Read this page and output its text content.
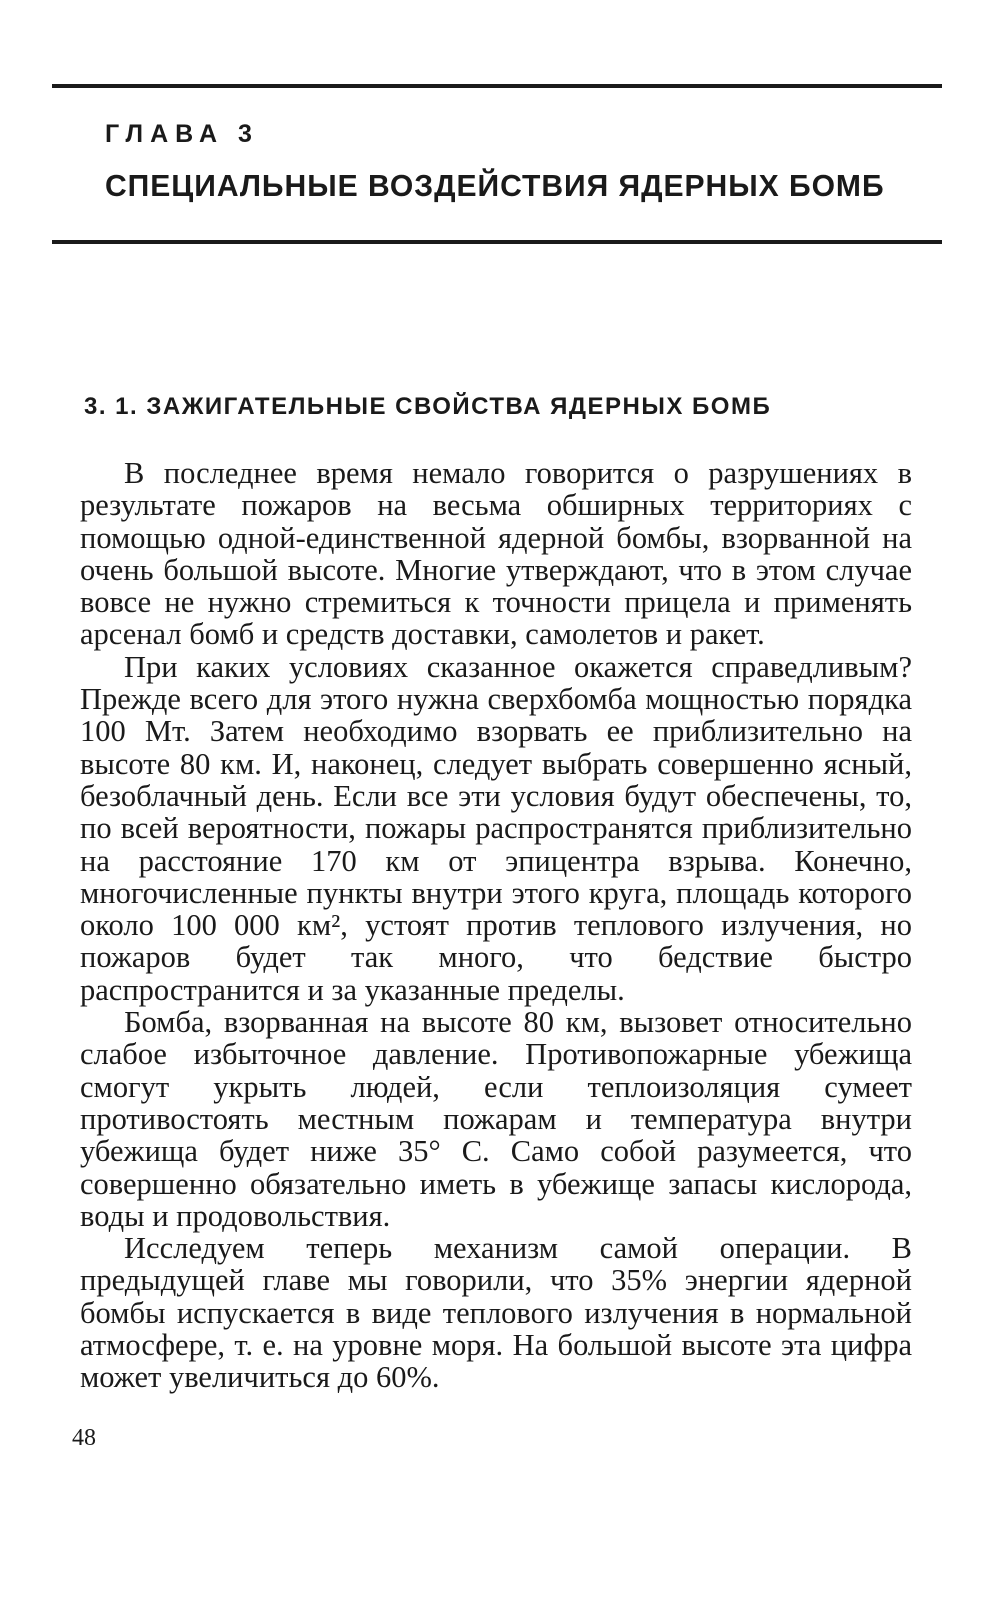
ГЛАВА 3
СПЕЦИАЛЬНЫЕ ВОЗДЕЙСТВИЯ ЯДЕРНЫХ БОМБ
3. 1. ЗАЖИГАТЕЛЬНЫЕ СВОЙСТВА ЯДЕРНЫХ БОМБ

В последнее время немало говорится о разрушениях в результате пожаров на весьма обширных территориях с помощью одной-единственной ядерной бомбы, взорванной на очень большой высоте. Многие утверждают, что в этом случае вовсе не нужно стремиться к точности прицела и применять арсенал бомб и средств доставки, самолетов и ракет.

При каких условиях сказанное окажется справедливым? Прежде всего для этого нужна сверхбомба мощностью порядка 100 Мт. Затем необходимо взорвать ее приблизительно на высоте 80 км. И, наконец, следует выбрать совершенно ясный, безоблачный день. Если все эти условия будут обеспечены, то, по всей вероятности, пожары распространятся приблизительно на расстояние 170 км от эпицентра взрыва. Конечно, многочисленные пункты внутри этого круга, площадь которого около 100 000 км², устоят против теплового излучения, но пожаров будет так много, что бедствие быстро распространится и за указанные пределы.

Бомба, взорванная на высоте 80 км, вызовет относительно слабое избыточное давление. Противопожарные убежища смогут укрыть людей, если теплоизоляция сумеет противостоять местным пожарам и температура внутри убежища будет ниже 35° С. Само собой разумеется, что совершенно обязательно иметь в убежище запасы кислорода, воды и продовольствия.

Исследуем теперь механизм самой операции. В предыдущей главе мы говорили, что 35% энергии ядерной бомбы испускается в виде теплового излучения в нормальной атмосфере, т. е. на уровне моря. На большой высоте эта цифра может увеличиться до 60%.

48
